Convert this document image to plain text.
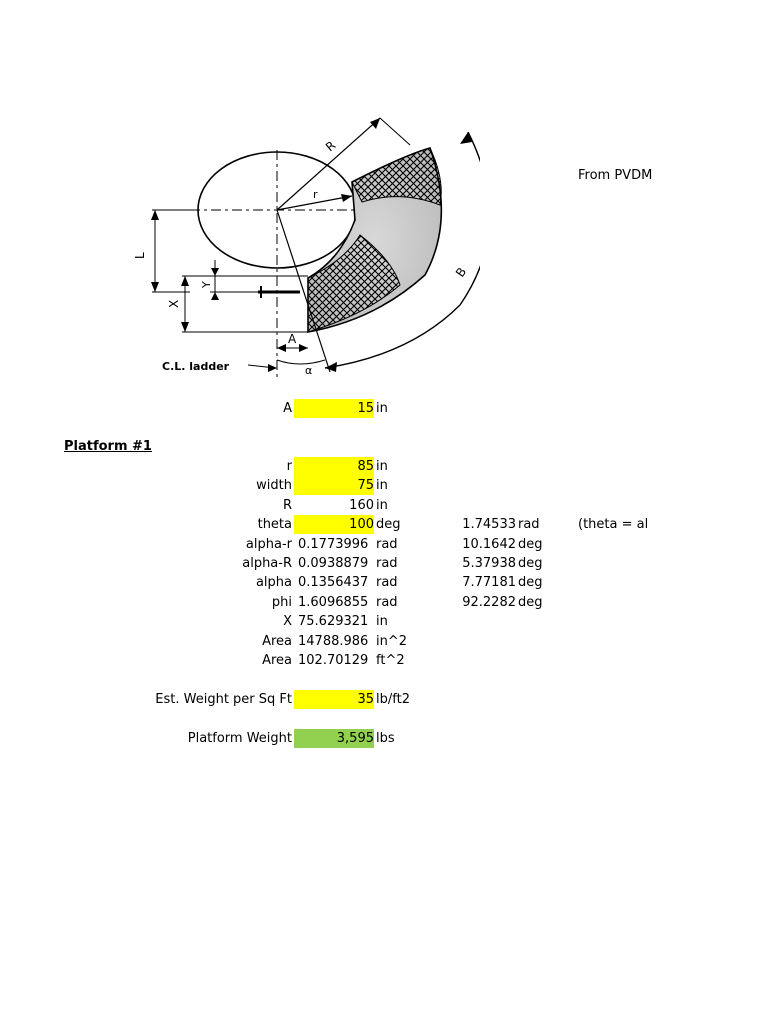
R
r
L
Y
X
A
B
α
C.L. ladder
From PVDM
A	15 in
Platform #1
r	85 in
width	75 in
R	160 in
theta	100 deg	1.74533 rad	(theta = al
alpha-r 0.1773996 rad	10.1642 deg
alpha-R 0.0938879 rad	5.37938 deg
alpha 0.1356437 rad	7.77181 deg
phi 1.6096855 rad	92.2282 deg
X 75.629321 in
Area 14788.986 in^2
Area 102.70129 ft^2
Est. Weight per Sq Ft	35 lb/ft2
Platform Weight	3,595 lbs
